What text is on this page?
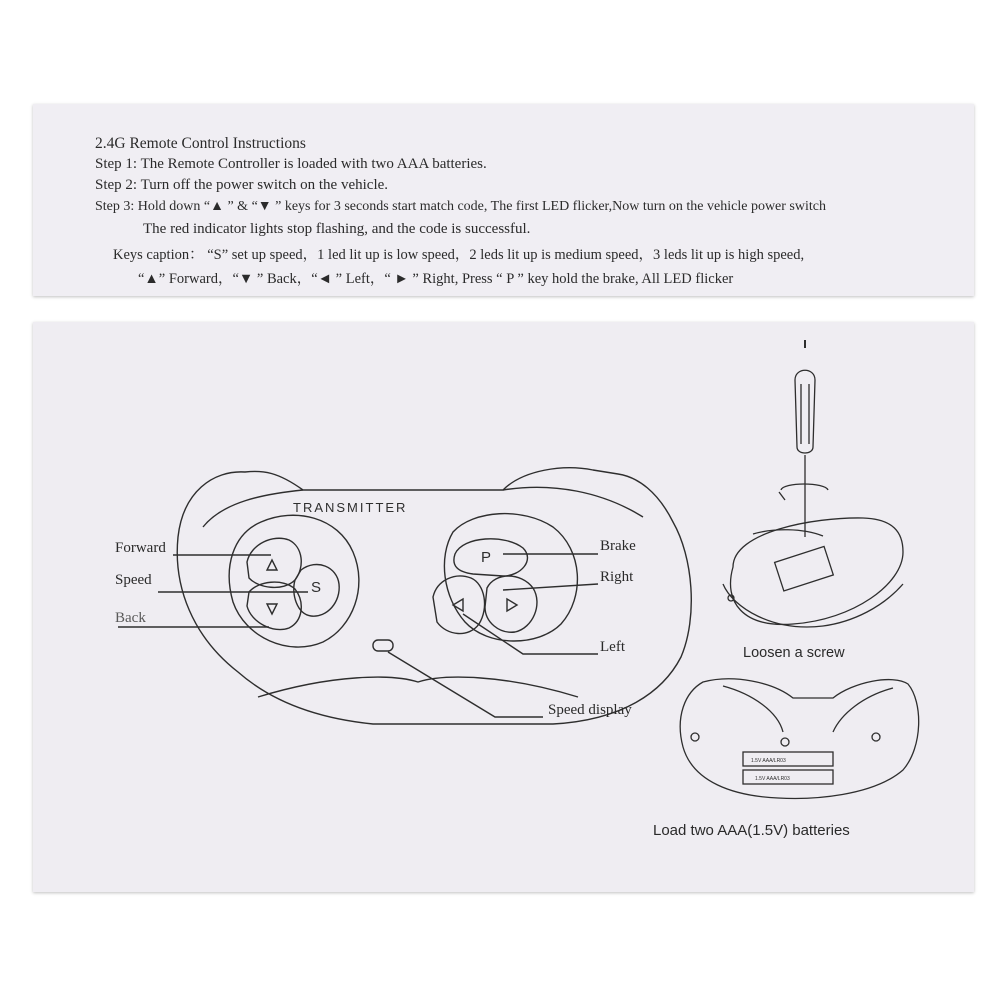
2.4G Remote Control Instructions
Step 1: The Remote Controller is loaded with two AAA batteries.
Step 2: Turn off the power switch on the vehicle.
Step 3: Hold down “▲ ” & “▼ ” keys for 3 seconds start match code, The first LED flicker,Now turn on the vehicle power switch
The red indicator lights stop flashing, and the code is successful.
Keys caption： “S” set up speed，1 led lit up is low speed，2 leds lit up is medium speed，3 leds lit up is high speed,
“▲” Forward，“▼ ” Back，“◄ ” Left，“ ► ” Right, Press “ P ” key hold the brake, All LED flicker
1.5V AAA/LR03
1.5V AAA/LR03
TRANSMITTER
S
P
Forward
Speed
Back
Brake
Right
Left
Speed display
Loosen a screw
Load two AAA(1.5V) batteries
